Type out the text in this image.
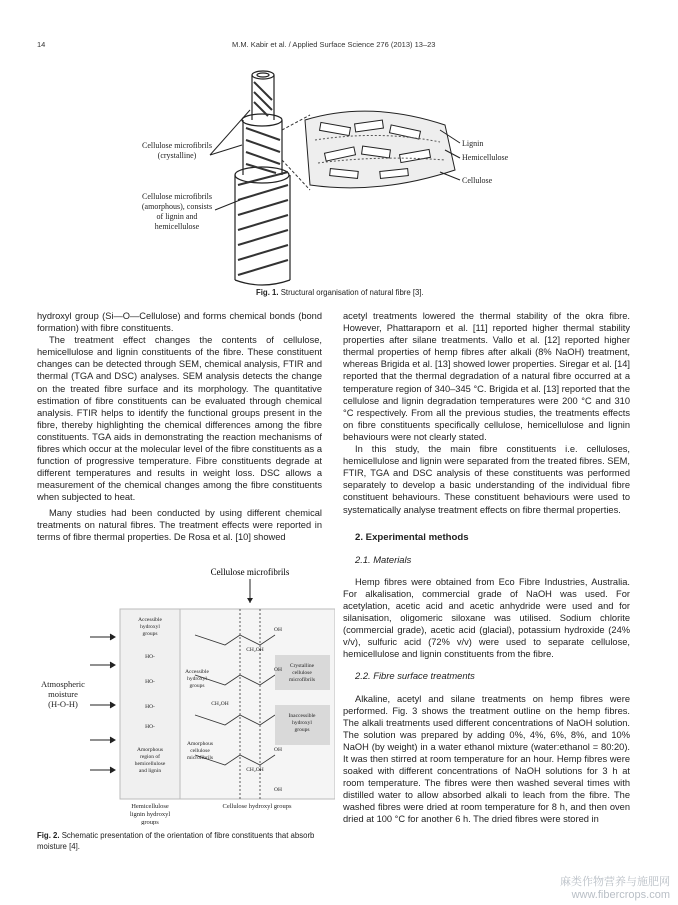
14	M.M. Kabir et al. / Applied Surface Science 276 (2013) 13–23
Cellulose microfibrils
(crystalline)
Cellulose microfibrils
(amorphous), consists
of lignin and
hemicellulose
Lignin
Hemicellulose
Cellulose
Fig. 1. Structural organisation of natural fibre [3].

hydroxyl group (Si—O—Cellulose) and forms chemical bonds (bond formation) with fibre constituents.

The treatment effect changes the contents of cellulose, hemicellulose and lignin constituents of the fibre. These constituent changes can be detected through SEM, chemical analysis, FTIR and thermal (TGA and DSC) analyses. SEM analysis detects the change on the treated fibre surface and its morphology. The quantitative estimation of fibre constituents can be evaluated through chemical analysis. FTIR helps to identify the functional groups present in the fibre, thereby highlighting the chemical differences among the fibre constituents. TGA aids in demonstrating the reaction mechanisms of fibres which occur at the molecular level of the fibre constituents as a function of progressive temperature. Fibre constituents degrade at different temperatures and results in weight loss. DSC allows a measurement of the chemical changes among the fibre constituents when subjected to heat.

Many studies had been conducted by using different chemical treatments on natural fibres. The treatment effects were reported in terms of fibre thermal properties. De Rosa et al. [10] showed

Cellulose microfibrils
Atmospheric
moisture
(H-O-H)
Accessible
hydroxyl
groups
HO-
HO-
HO-
HO-
Amorphous
region of
hemicellulose
and lignin
Accessible
hydroxyl
groups
Amorphous
cellulose
microfibrils
Crystalline
cellulose
microfibrils
Inaccessible
hydroxyl
groups
OH
CH₂OH
OH
CH₂OH
OH
CH₂OH
OH
Hemicellulose
lignin hydroxyl
groups
Cellulose hydroxyl groups
Fig. 2. Schematic presentation of the orientation of fibre constituents that absorb moisture [4].

acetyl treatments lowered the thermal stability of the okra fibre. However, Phattaraporn et al. [11] reported higher thermal stability properties after silane treatments. Vallo et al. [12] reported higher thermal properties of hemp fibres after alkali (8% NaOH) treatment, whereas Brigida et al. [13] showed lower properties. Siregar et al. [14] reported that the thermal degradation of a natural fibre occurred at a temperature region of 340–345 °C. Brigida et al. [13] reported that the cellulose and lignin degradation temperatures were 200 °C and 310 °C respectively. From all the previous studies, the treatments effects on fibre constituents specifically cellulose, hemicellulose and lignin behaviours were not clearly stated.

In this study, the main fibre constituents i.e. celluloses, hemicellulose and lignin were separated from the treated fibres. SEM, FTIR, TGA and DSC analysis of these constituents was performed separately to develop a basic understanding of the individual fibre constituent behaviours. These constituent behaviours were used to systematically analyse treatment effects on fibre thermal properties.

2. Experimental methods

2.1. Materials

Hemp fibres were obtained from Eco Fibre Industries, Australia. For alkalisation, commercial grade of NaOH was used. For acetylation, acetic acid and acetic anhydride were used and for silanisation, oligomeric siloxane was utilised. Sodium chlorite (commercial grade), acetic acid (glacial), potassium hydroxide (24% v/v), sulfuric acid (72% v/v) were used to separate cellulose, hemicellulose and lignin constituents from the fibre.

2.2. Fibre surface treatments

Alkaline, acetyl and silane treatments on hemp fibres were performed. Fig. 3 shows the treatment outline on the hemp fibres. The alkali treatments used different concentrations of NaOH solution. The solution was prepared by adding 0%, 4%, 6%, 8%, and 10% NaOH (by weight) in a water ethanol mixture (water:ethanol = 80:20). It was then stirred at room temperature for an hour. Hemp fibres were soaked with different concentrations of NaOH solutions for 3 h at room temperature. The fibres were then washed several times with distilled water to allow absorbed alkali to leach from the fibre. The washed fibres were dried at room temperature for 8 h, and then oven dried at 100 °C for another 6 h. The dried fibres were stored in

麻类作物营养与施肥网
www.fibercrops.com
